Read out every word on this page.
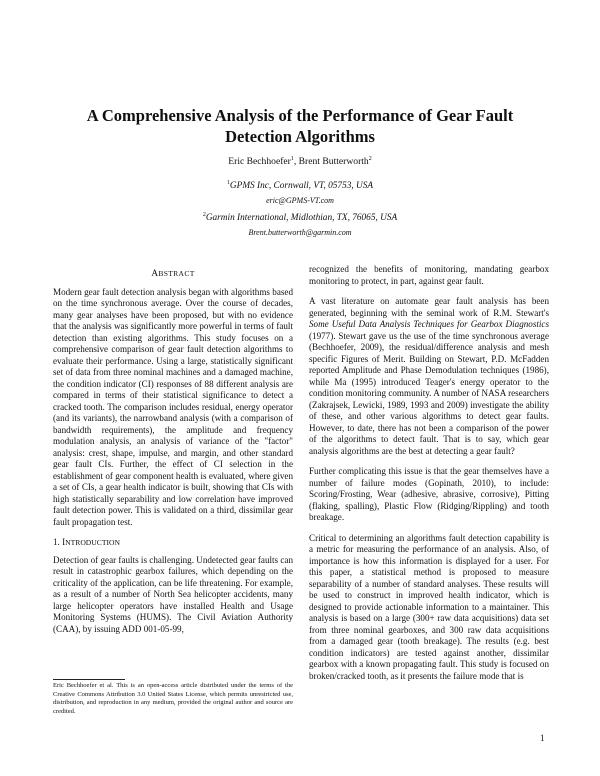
A Comprehensive Analysis of the Performance of Gear Fault Detection Algorithms
Eric Bechhoefer$^1$, Brent Butterworth$^2$
$^1$GPMS Inc, Cornwall, VT, 05753, USA
eric@GPMS-VT.com
$^2$Garmin International, Midlothian, TX, 76065, USA
Brent.butterworth@garmin.com
ABSTRACT

Modern gear fault detection analysis began with algorithms based on the time synchronous average. Over the course of decades, many gear analyses have been proposed, but with no evidence that the analysis was significantly more powerful in terms of fault detection than existing algorithms. This study focuses on a comprehensive comparison of gear fault detection algorithms to evaluate their performance. Using a large, statistically significant set of data from three nominal machines and a damaged machine, the condition indicator (CI) responses of 88 different analysis are compared in terms of their statistical significance to detect a cracked tooth. The comparison includes residual, energy operator (and its variants), the narrowband analysis (with a comparison of bandwidth requirements), the amplitude and frequency modulation analysis, an analysis of variance of the "factor" analysis: crest, shape, impulse, and margin, and other standard gear fault CIs. Further, the effect of CI selection in the establishment of gear component health is evaluated, where given a set of CIs, a gear health indicator is built, showing that CIs with high statistically separability and low correlation have improved fault detection power. This is validated on a third, dissimilar gear fault propagation test.

1. INTRODUCTION

Detection of gear faults is challenging. Undetected gear faults can result in catastrophic gearbox failures, which depending on the criticality of the application, can be life threatening. For example, as a result of a number of North Sea helicopter accidents, many large helicopter operators have installed Health and Usage Monitoring Systems (HUMS). The Civil Aviation Authority (CAA), by issuing ADD 001-05-99,

Eric Bechhoefer et al. This is an open-access article distributed under the terms of the Creative Commons Attribution 3.0 United States License, which permits unrestricted use, distribution, and reproduction in any medium, provided the original author and source are credited.

recognized the benefits of monitoring, mandating gearbox monitoring to protect, in part, against gear fault.

A vast literature on automate gear fault analysis has been generated, beginning with the seminal work of R.M. Stewart's Some Useful Data Analysis Techniques for Gearbox Diagnostics (1977). Stewart gave us the use of the time synchronous average (Bechhoefer, 2009), the residual/difference analysis and mesh specific Figures of Merit. Building on Stewart, P.D. McFadden reported Amplitude and Phase Demodulation techniques (1986), while Ma (1995) introduced Teager's energy operator to the condition monitoring community. A number of NASA researchers (Zakrajsek, Lewicki, 1989, 1993 and 2009) investigate the ability of these, and other various algorithms to detect gear faults. However, to date, there has not been a comparison of the power of the algorithms to detect fault. That is to say, which gear analysis algorithms are the best at detecting a gear fault?

Further complicating this issue is that the gear themselves have a number of failure modes (Gopinath, 2010), to include: Scoring/Frosting, Wear (adhesive, abrasive, corrosive), Pitting (flaking, spalling), Plastic Flow (Ridging/Rippling) and tooth breakage.

Critical to determining an algorithms fault detection capability is a metric for measuring the performance of an analysis. Also, of importance is how this information is displayed for a user. For this paper, a statistical method is proposed to measure separability of a number of standard analyses. These results will be used to construct in improved health indicator, which is designed to provide actionable information to a maintainer. This analysis is based on a large (300+ raw data acquisitions) data set from three nominal gearboxes, and 300 raw data acquisitions from a damaged gear (tooth breakage). The results (e.g. best condition indicators) are tested against another, dissimilar gearbox with a known propagating fault. This study is focused on broken/cracked tooth, as it presents the failure mode that is

1
